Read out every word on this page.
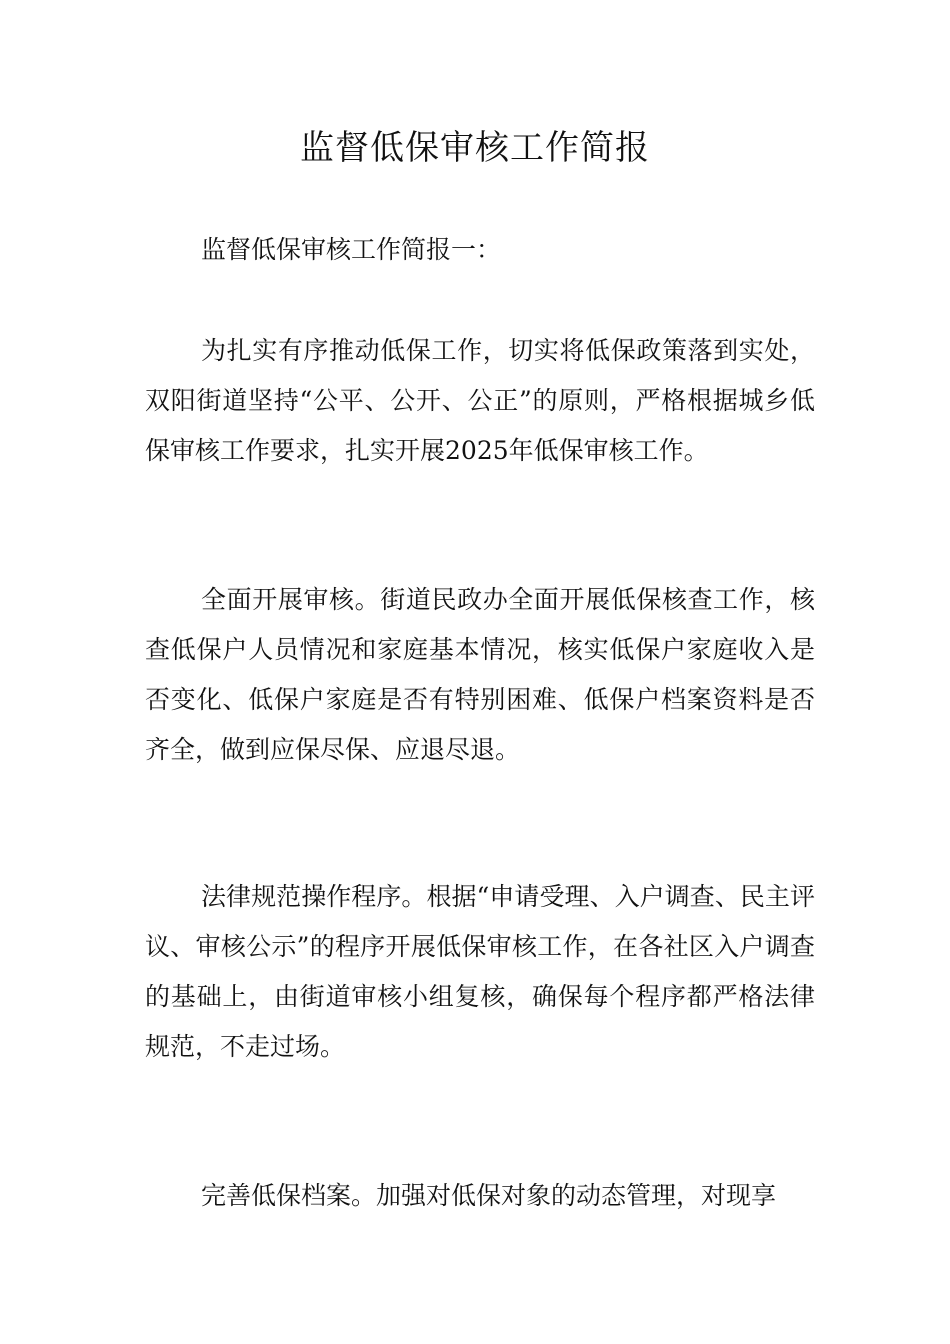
监督低保审核工作简报

监督低保审核工作简报一：

为扎实有序推动低保工作，切实将低保政策落到实处，双阳街道坚持“公平、公开、公正”的原则，严格根据城乡低保审核工作要求，扎实开展2025年低保审核工作。

全面开展审核。街道民政办全面开展低保核查工作，核查低保户人员情况和家庭基本情况，核实低保户家庭收入是否变化、低保户家庭是否有特别困难、低保户档案资料是否齐全，做到应保尽保、应退尽退。

法律规范操作程序。根据“申请受理、入户调查、民主评议、审核公示”的程序开展低保审核工作，在各社区入户调查的基础上，由街道审核小组复核，确保每个程序都严格法律规范，不走过场。

完善低保档案。加强对低保对象的动态管理，对现享
